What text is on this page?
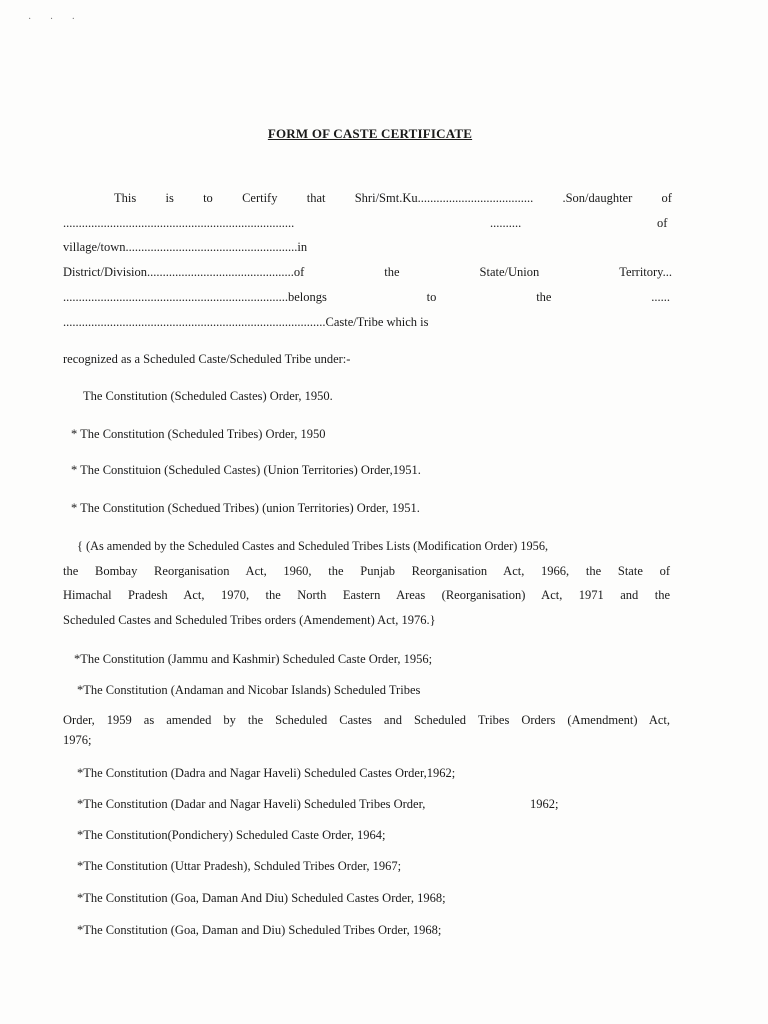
· · ·
FORM OF CASTE CERTIFICATE
This is to Certify that Shri/Smt.Ku..................................... .Son/daughter of
..........................................................................	..........	of
village/town.......................................................in
District/Division...............................................of	the	State/Union	Territory...
........................................................................belongs	to	the	......
....................................................................................Caste/Tribe which is
recognized as a Scheduled Caste/Scheduled Tribe under:-
The Constitution (Scheduled Castes) Order, 1950.
* The Constitution (Scheduled Tribes) Order, 1950
* The Constituion (Scheduled Castes) (Union Territories) Order,1951.
* The Constitution (Schedued Tribes) (union Territories) Order, 1951.
{ (As amended by the Scheduled Castes and Scheduled Tribes Lists (Modification Order) 1956,
the Bombay Reorganisation Act, 1960, the Punjab Reorganisation Act, 1966, the State of
Himachal Pradesh Act, 1970, the North Eastern Areas (Reorganisation) Act, 1971 and the
Scheduled Castes and Scheduled Tribes orders (Amendement) Act, 1976.}
*The Constitution (Jammu and Kashmir) Scheduled Caste Order, 1956;
*The Constitution (Andaman and Nicobar Islands) Scheduled Tribes
Order, 1959 as amended by the Scheduled Castes and Scheduled Tribes Orders (Amendment) Act,
1976;
*The Constitution (Dadra and Nagar Haveli) Scheduled Castes Order,1962;
*The Constitution (Dadar and Nagar Haveli) Scheduled Tribes Order,	1962;
*The Constitution(Pondichery) Scheduled Caste Order, 1964;
*The Constitution (Uttar Pradesh), Schduled Tribes Order, 1967;
*The Constitution (Goa, Daman And Diu) Scheduled Castes Order, 1968;
*The Constitution (Goa, Daman and Diu) Scheduled Tribes Order, 1968;
